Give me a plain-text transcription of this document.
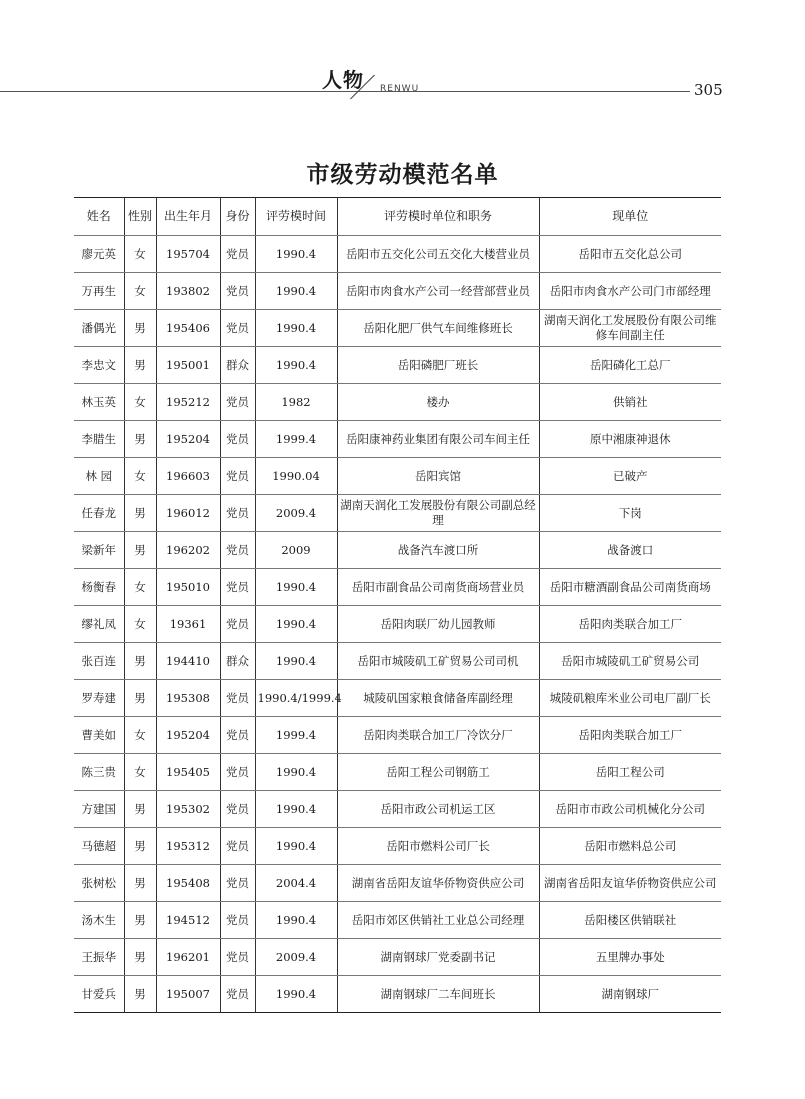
人物 RENWU	305
市级劳动模范名单
姓名	性别	出生年月	身份	评劳模时间	评劳模时单位和职务	现单位
廖元英	女	195704	党员	1990.4	岳阳市五交化公司五交化大楼营业员	岳阳市五交化总公司
万再生	女	193802	党员	1990.4	岳阳市肉食水产公司一经营部营业员	岳阳市肉食水产公司门市部经理
潘偶光	男	195406	党员	1990.4	岳阳化肥厂供气车间维修班长	湖南天润化工发展股份有限公司维修车间副主任
李忠文	男	195001	群众	1990.4	岳阳磷肥厂班长	岳阳磷化工总厂
林玉英	女	195212	党员	1982	楼办	供销社
李腊生	男	195204	党员	1999.4	岳阳康神药业集团有限公司车间主任	原中湘康神退休
林 园	女	196603	党员	1990.04	岳阳宾馆	已破产
任春龙	男	196012	党员	2009.4	湖南天润化工发展股份有限公司副总经理	下岗
梁新年	男	196202	党员	2009	战备汽车渡口所	战备渡口
杨衡春	女	195010	党员	1990.4	岳阳市副食品公司南货商场营业员	岳阳市糖酒副食品公司南货商场
缪礼凤	女	19361	党员	1990.4	岳阳肉联厂幼儿园教师	岳阳肉类联合加工厂
张百连	男	194410	群众	1990.4	岳阳市城陵矶工矿贸易公司司机	岳阳市城陵矶工矿贸易公司
罗寿建	男	195308	党员	1990.4/1999.4	城陵矶国家粮食储备库副经理	城陵矶粮库米业公司电厂副厂长
曹美如	女	195204	党员	1999.4	岳阳肉类联合加工厂冷饮分厂	岳阳肉类联合加工厂
陈三贵	女	195405	党员	1990.4	岳阳工程公司钢筋工	岳阳工程公司
方建国	男	195302	党员	1990.4	岳阳市政公司机运工区	岳阳市市政公司机械化分公司
马德超	男	195312	党员	1990.4	岳阳市燃料公司厂长	岳阳市燃料总公司
张树松	男	195408	党员	2004.4	湖南省岳阳友谊华侨物资供应公司	湖南省岳阳友谊华侨物资供应公司
汤木生	男	194512	党员	1990.4	岳阳市郊区供销社工业总公司经理	岳阳楼区供销联社
王振华	男	196201	党员	2009.4	湖南钢球厂党委副书记	五里牌办事处
甘爱兵	男	195007	党员	1990.4	湖南钢球厂二车间班长	湖南钢球厂
